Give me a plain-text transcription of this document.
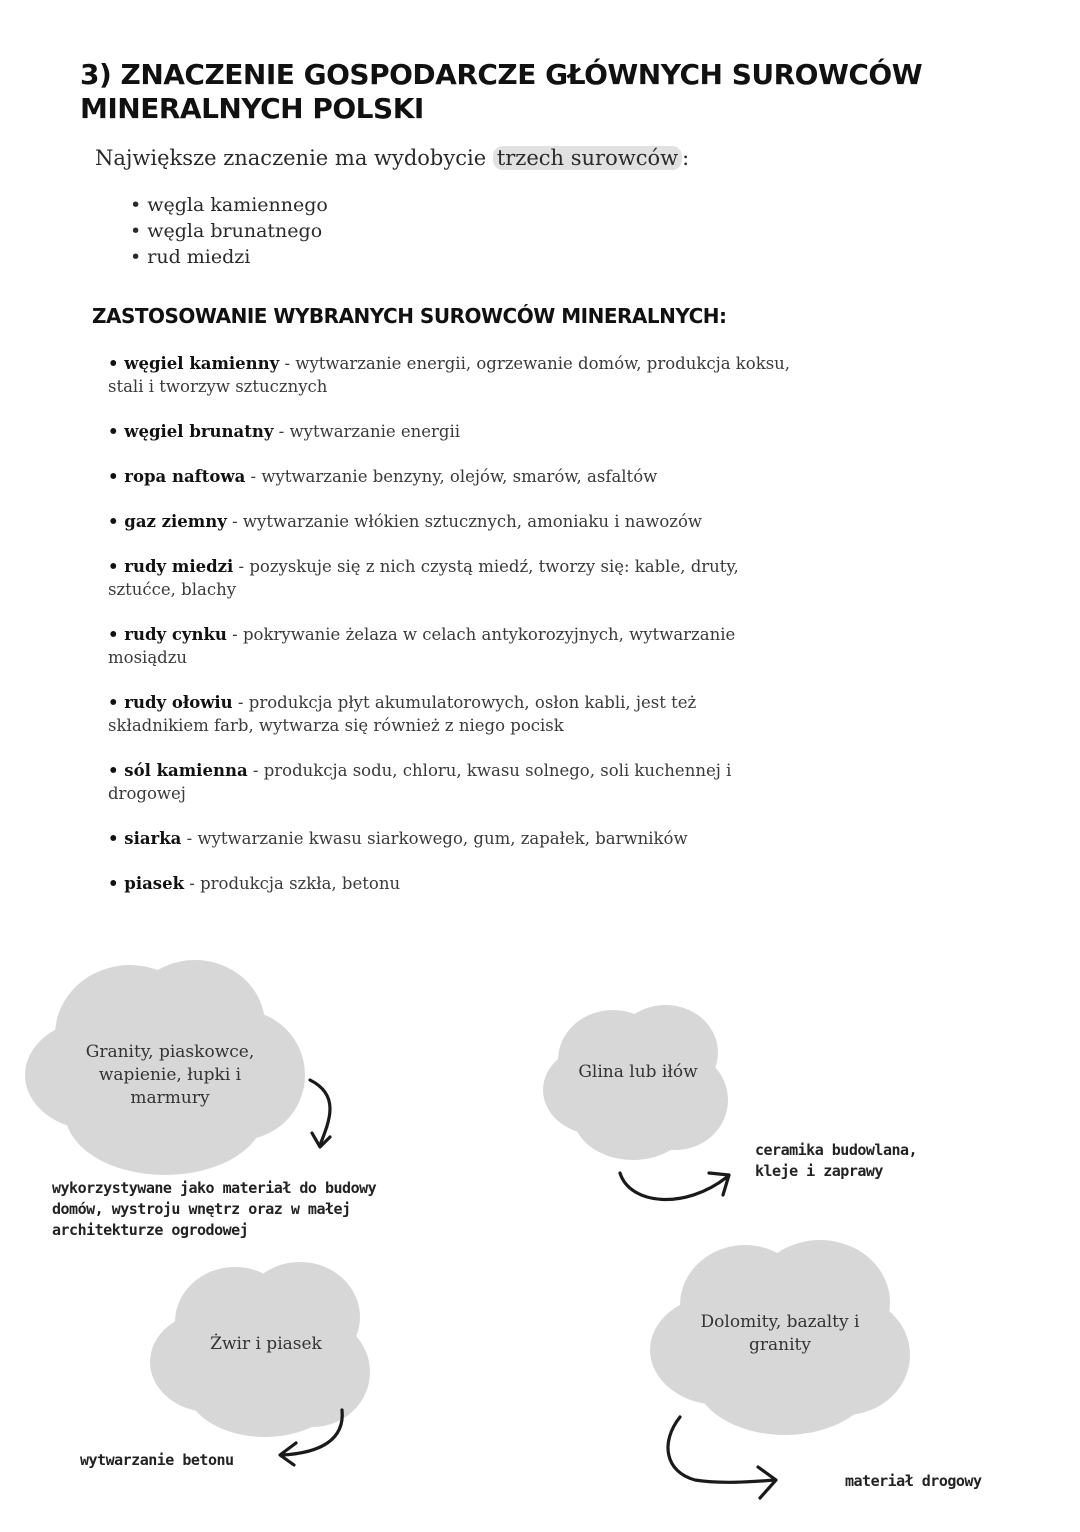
3) ZNACZENIE GOSPODARCZE GŁÓWNYCH SUROWCÓW MINERALNYCH POLSKI

Największe znaczenie ma wydobycie trzech surowców :

• węgla kamiennego
• węgla brunatnego
• rud miedzi
ZASTOSOWANIE WYBRANYCH SUROWCÓW MINERALNYCH:
• węgiel kamienny - wytwarzanie energii, ogrzewanie domów, produkcja koksu, stali i tworzyw sztucznych
• węgiel brunatny - wytwarzanie energii
• ropa naftowa - wytwarzanie benzyny, olejów, smarów, asfaltów
• gaz ziemny - wytwarzanie włókien sztucznych, amoniaku i nawozów
• rudy miedzi - pozyskuje się z nich czystą miedź, tworzy się: kable, druty, sztućce, blachy
• rudy cynku - pokrywanie żelaza w celach antykorozyjnych, wytwarzanie mosiądzu
• rudy ołowiu - produkcja płyt akumulatorowych, osłon kabli, jest też składnikiem farb, wytwarza się również z niego pocisk
• sól kamienna - produkcja sodu, chloru, kwasu solnego, soli kuchennej i drogowej
• siarka - wytwarzanie kwasu siarkowego, gum, zapałek, barwników
• piasek - produkcja szkła, betonu
Granity, piaskowce, wapienie, łupki i marmury
wykorzystywane jako materiał do budowy domów, wystroju wnętrz oraz w małej architekturze ogrodowej
Glina lub iłów
ceramika budowlana, kleje i zaprawy
Żwir i piasek
wytwarzanie betonu
Dolomity, bazalty i granity
materiał drogowy
